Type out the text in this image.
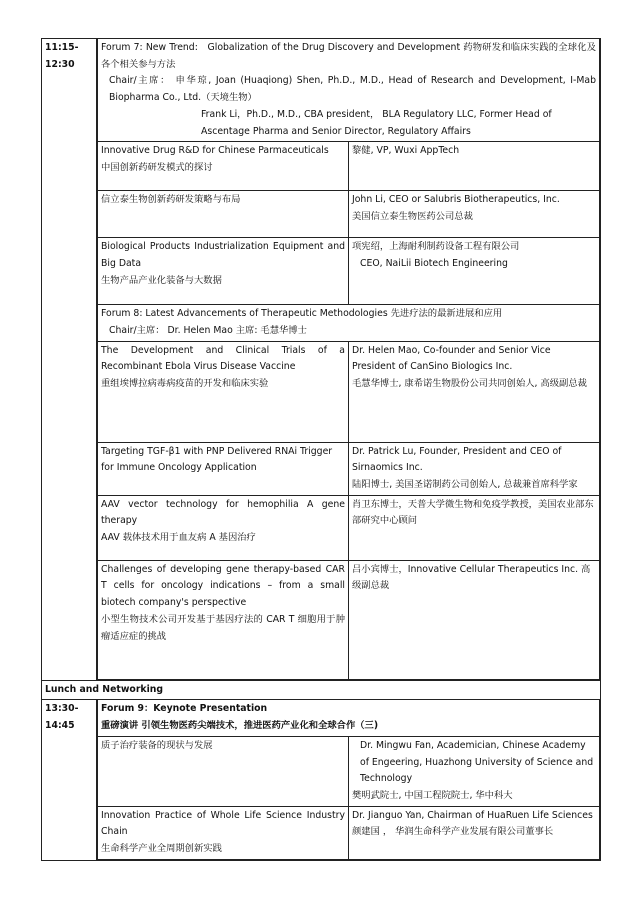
11:15-
12:30

Forum 7: New Trend:　Globalization of the Drug Discovery and Development 药物研发和临床实践的全球化及各个相关参与方法

Chair/主席： 申华琼, Joan (Huaqiong) Shen, Ph.D., M.D., Head of Research and Development, I-Mab Biopharma Co., Ltd.（天境生物）
Frank Li，Ph.D., M.D., CBA president， BLA Regulatory LLC, Former Head of Ascentage Pharma and Senior Director, Regulatory Affairs

Innovative Drug R&D for Chinese Parmaceuticals
中国创新药研发模式的探讨	黎健, VP, Wuxi AppTech
信立泰生物创新药研发策略与布局	John Li, CEO or Salubris Biotherapeutics, Inc.
美国信立泰生物医药公司总裁
Biological Products Industrialization Equipment and Big Data
生物产品产业化装备与大数据	项宪绍，上海耐利制药设备工程有限公司

CEO, NaiLii Biotech Engineering

Forum 8: Latest Advancements of Therapeutic Methodologies 先进疗法的最新进展和应用

Chair/主席： Dr. Helen Mao 主席: 毛慧华博士

The Development and Clinical Trials of a Recombinant Ebola Virus Disease Vaccine
重组埃博拉病毒病疫苗的开发和临床实验	Dr. Helen Mao, Co-founder and Senior Vice President of CanSino Biologics Inc.
毛慧华博士, 康希诺生物股份公司共同创始人, 高级副总裁
Targeting TGF-β1 with PNP Delivered RNAi Trigger
for Immune Oncology Application	Dr. Patrick Lu, Founder, President and CEO of Sirnaomics Inc.
陆阳博士, 美国圣诺制药公司创始人, 总裁兼首席科学家
AAV vector technology for hemophilia A gene therapy
AAV 载体技术用于血友病 A 基因治疗	肖卫东博士，天普大学微生物和免疫学教授，美国农业部东部研究中心顾问
Challenges of developing gene therapy-based CAR T cells for oncology indications – from a small biotech company's perspective
小型生物技术公司开发基于基因疗法的 CAR T 细胞用于肿瘤适应症的挑战	吕小宾博士，Innovative Cellular Therapeutics Inc. 高级副总裁

Lunch and Networking

13:30-
14:45

Forum 9：Keynote Presentation
重磅演讲 引领生物医药尖端技术，推进医药产业化和全球合作（三)
质子治疗装备的现状与发展	Dr. Mingwu Fan, Academician, Chinese Academy of Engeering, Huazhong University of Science and Technology
樊明武院士, 中国工程院院士, 华中科大
Innovation Practice of Whole Life Science Industry Chain
生命科学产业全周期创新实践	Dr. Jianguo Yan, Chairman of HuaRuen Life Sciences
颜建国 ， 华润生命科学产业发展有限公司董事长
